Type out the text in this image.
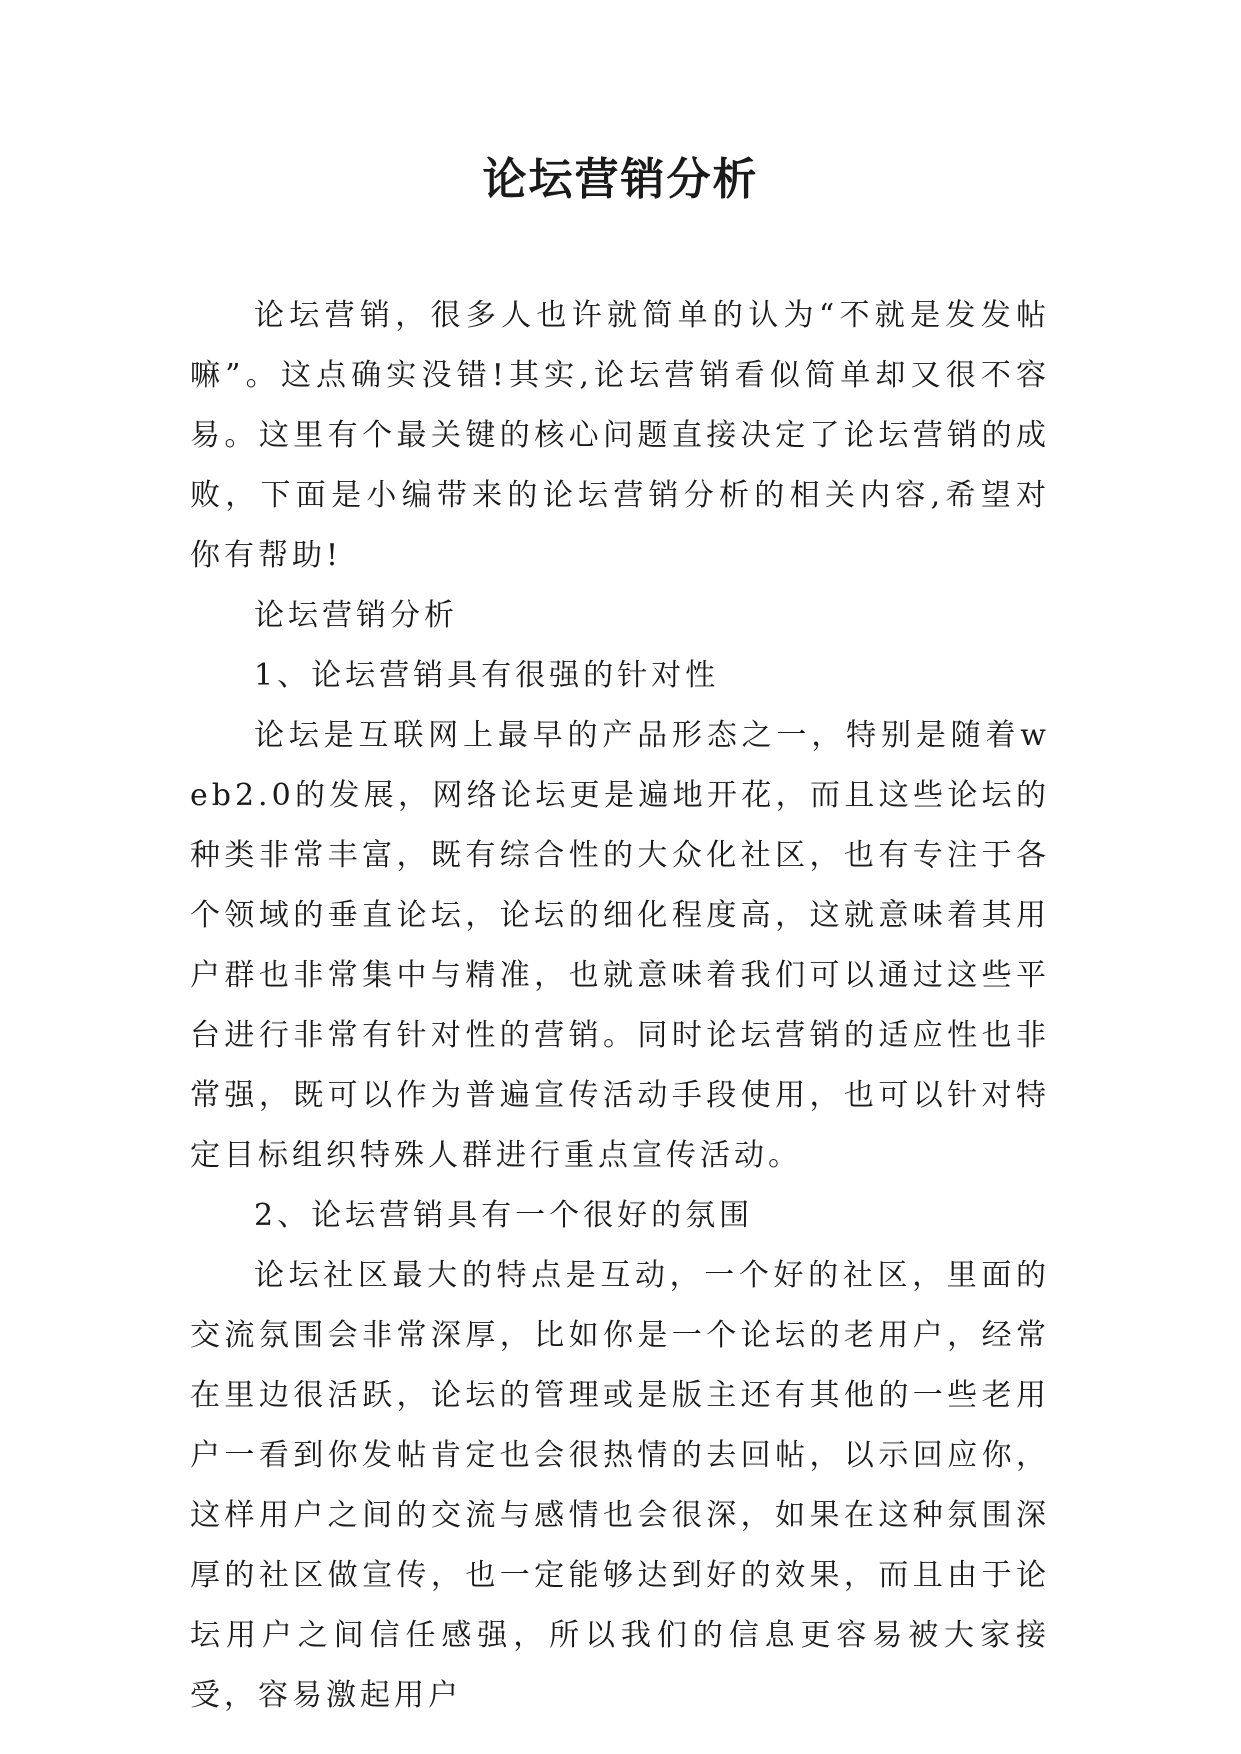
论坛营销分析

论坛营销，很多人也许就简单的认为“不就是发发帖嘛”。这点确实没错!其实,论坛营销看似简单却又很不容易。这里有个最关键的核心问题直接决定了论坛营销的成败，下面是小编带来的论坛营销分析的相关内容,希望对你有帮助!

论坛营销分析

1、论坛营销具有很强的针对性

论坛是互联网上最早的产品形态之一，特别是随着web2.0的发展，网络论坛更是遍地开花，而且这些论坛的种类非常丰富，既有综合性的大众化社区，也有专注于各个领域的垂直论坛，论坛的细化程度高，这就意味着其用户群也非常集中与精准，也就意味着我们可以通过这些平台进行非常有针对性的营销。同时论坛营销的适应性也非常强，既可以作为普遍宣传活动手段使用，也可以针对特定目标组织特殊人群进行重点宣传活动。

2、论坛营销具有一个很好的氛围

论坛社区最大的特点是互动，一个好的社区，里面的交流氛围会非常深厚，比如你是一个论坛的老用户，经常在里边很活跃，论坛的管理或是版主还有其他的一些老用户一看到你发帖肯定也会很热情的去回帖，以示回应你，这样用户之间的交流与感情也会很深，如果在这种氛围深厚的社区做宣传，也一定能够达到好的效果，而且由于论坛用户之间信任感强，所以我们的信息更容易被大家接受，容易激起用户
